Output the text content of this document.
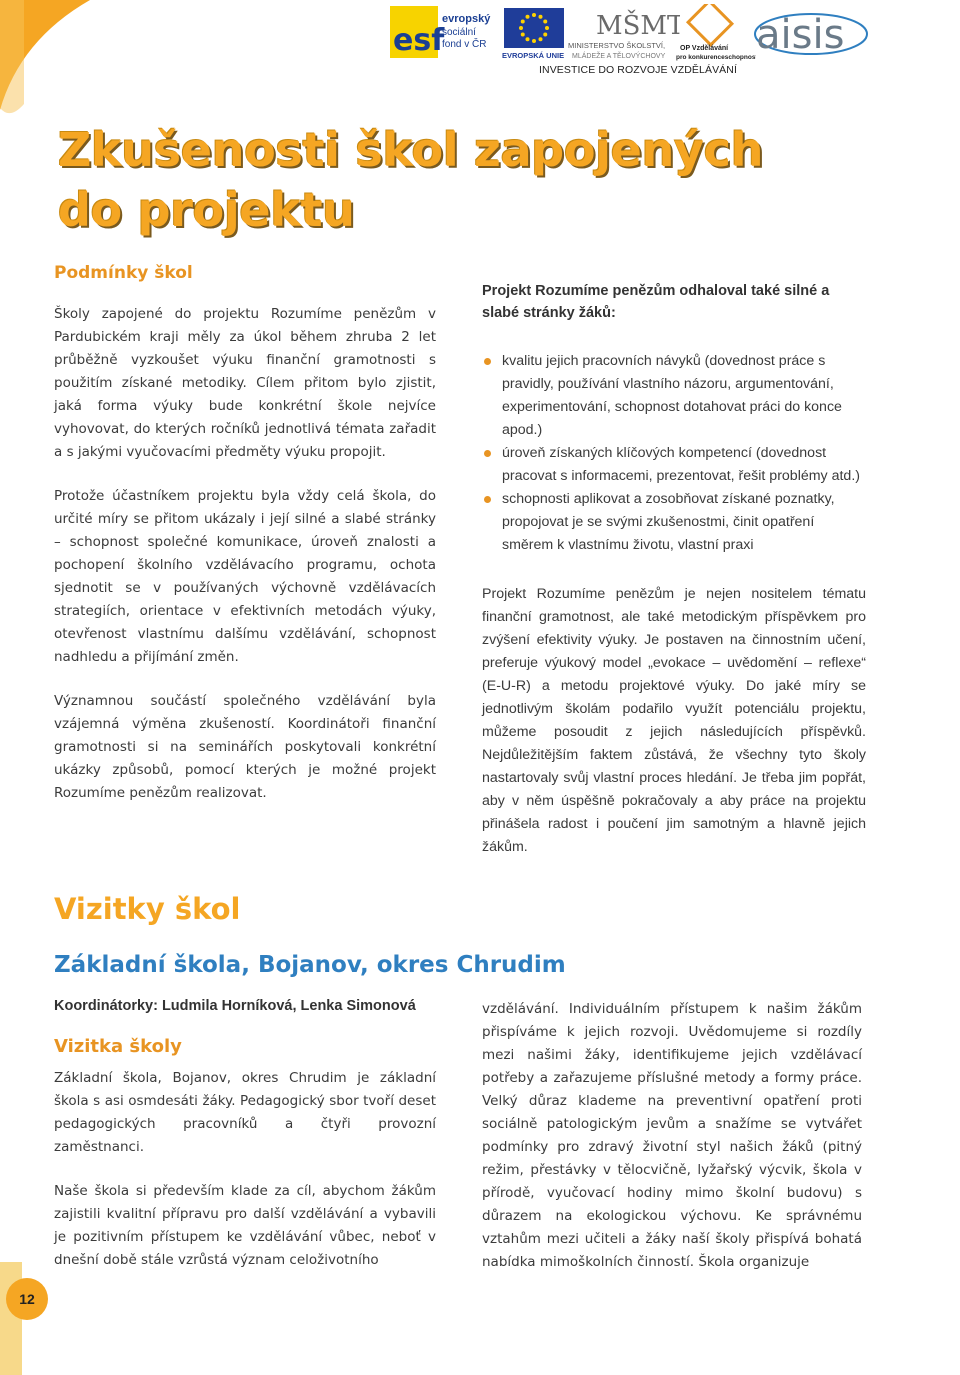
esf
evropský
sociální
fond v ČR
EVROPSKÁ UNIE
MŠMT
MINISTERSTVO ŠKOLSTVÍ,
MLÁDEŽE A TĚLOVÝCHOVY
OP Vzdělávání
pro konkurenceschopnost
aisis
INVESTICE DO ROZVOJE VZDĚLÁVÁNÍ
Zkušenosti škol zapojených
do projektu
Podmínky škol

Školy zapojené do projektu Rozumíme penězům v Pardubickém kraji měly za úkol během zhruba 2 let průběžně vyzkoušet výuku finanční gramotnosti s použitím získané metodiky. Cílem přitom bylo zjistit, jaká forma výuky bude konkrétní škole nejvíce vyhovovat, do kterých ročníků jednotlivá témata zařadit a s jakými vyučovacími předměty výuku propojit.

Protože účastníkem projektu byla vždy celá škola, do určité míry se přitom ukázaly i její silné a slabé stránky – schopnost společné komunikace, úroveň znalosti a pochopení školního vzdělávacího programu, ochota sjednotit se v používaných výchovně vzdělávacích strategiích, orientace v efektivních metodách výuky, otevřenost vlastnímu dalšímu vzdělávání, schopnost nadhledu a přijímání změn.

Významnou součástí společného vzdělávání byla vzájemná výměna zkušeností. Koordinátoři finanční gramotnosti si na seminářích poskytovali konkrétní ukázky způsobů, pomocí kterých je možné projekt Rozumíme penězům realizovat.

Projekt Rozumíme penězům odhaloval také silné a slabé stránky žáků:

kvalitu jejich pracovních návyků (dovednost práce s pravidly, používání vlastního názoru, argumentování, experimentování, schopnost dotahovat práci do konce apod.)
úroveň získaných klíčových kompetencí (dovednost pracovat s informacemi, prezentovat, řešit problémy atd.)
schopnosti aplikovat a zosobňovat získané poznatky, propojovat je se svými zkušenostmi, činit opatření směrem k vlastnímu životu, vlastní praxi

Projekt Rozumíme penězům je nejen nositelem tématu finanční gramotnost, ale také metodickým příspěvkem pro zvýšení efektivity výuky. Je postaven na činnostním učení, preferuje výukový model „evokace – uvědomění – reflexe“ (E-U-R) a metodu projektové výuky. Do jaké míry se jednotlivým školám podařilo využít potenciálu projektu, můžeme posoudit z jejich následujících příspěvků. Nejdůležitějším faktem zůstává, že všechny tyto školy nastartovaly svůj vlastní proces hledání. Je třeba jim popřát, aby v něm úspěšně pokračovaly a aby práce na projektu přinášela radost i poučení jim samotným a hlavně jejich žákům.

Vizitky škol
Základní škola, Bojanov, okres Chrudim

Koordinátorky: Ludmila Horníková, Lenka Simonová

Vizitka školy

Základní škola, Bojanov, okres Chrudim je základní škola s asi osmdesáti žáky. Pedagogický sbor tvoří deset pedagogických pracovníků a čtyři provozní zaměstnanci.

Naše škola si především klade za cíl, abychom žákům zajistili kvalitní přípravu pro další vzdělávání a vybavili je pozitivním přístupem ke vzdělávání vůbec, neboť v dnešní době stále vzrůstá význam celoživotního

vzdělávání. Individuálním přístupem k našim žákům přispíváme k jejich rozvoji. Uvědomujeme si rozdíly mezi našimi žáky, identifikujeme jejich vzdělávací potřeby a zařazujeme příslušné metody a formy práce. Velký důraz klademe na preventivní opatření proti sociálně patologickým jevům a snažíme se vytvářet podmínky pro zdravý životní styl našich žáků (pitný režim, přestávky v tělocvičně, lyžařský výcvik, škola v přírodě, vyučovací hodiny mimo školní budovu) s důrazem na ekologickou výchovu. Ke správnému vztahům mezi učiteli a žáky naší školy přispívá bohatá nabídka mimoškolních činností. Škola organizuje

12
